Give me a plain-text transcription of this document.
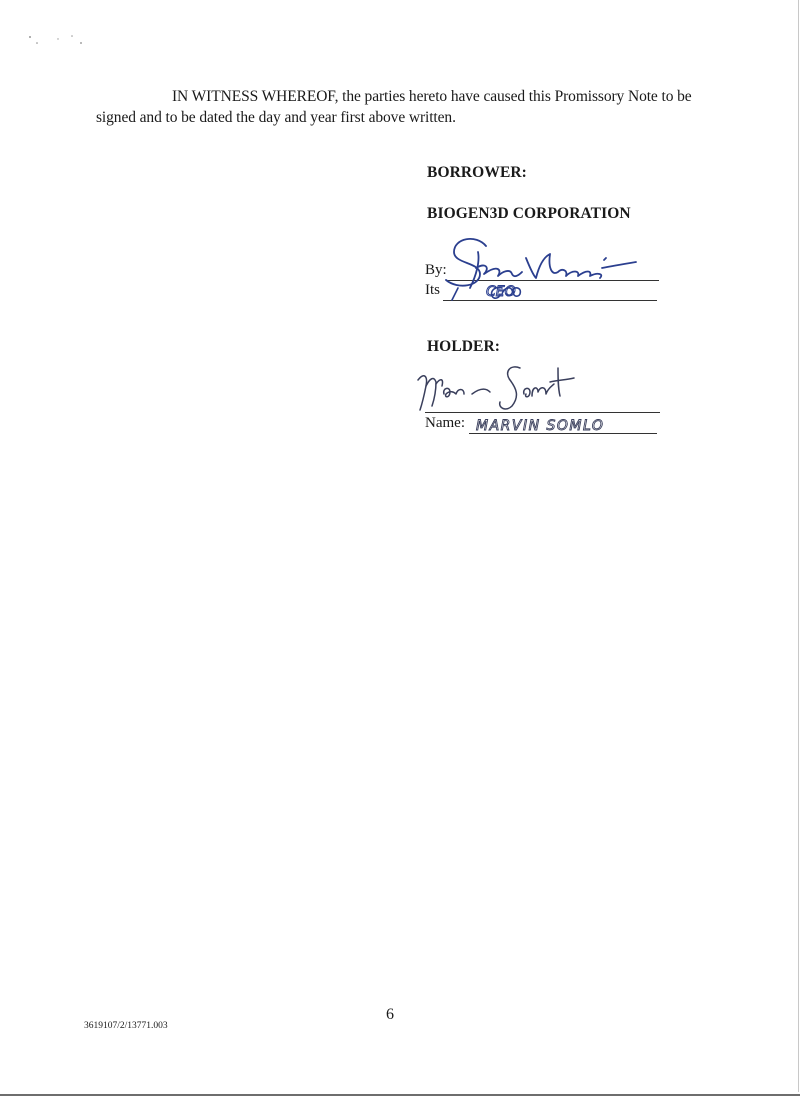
IN WITNESS WHEREOF, the parties hereto have caused this Promissory Note to be signed and to be dated the day and year first above written.

BORROWER:
BIOGEN3D CORPORATION
By:
Its
HOLDER:
Name:
CEO
MARVIN SOMLO
6
3619107/2/13771.003
